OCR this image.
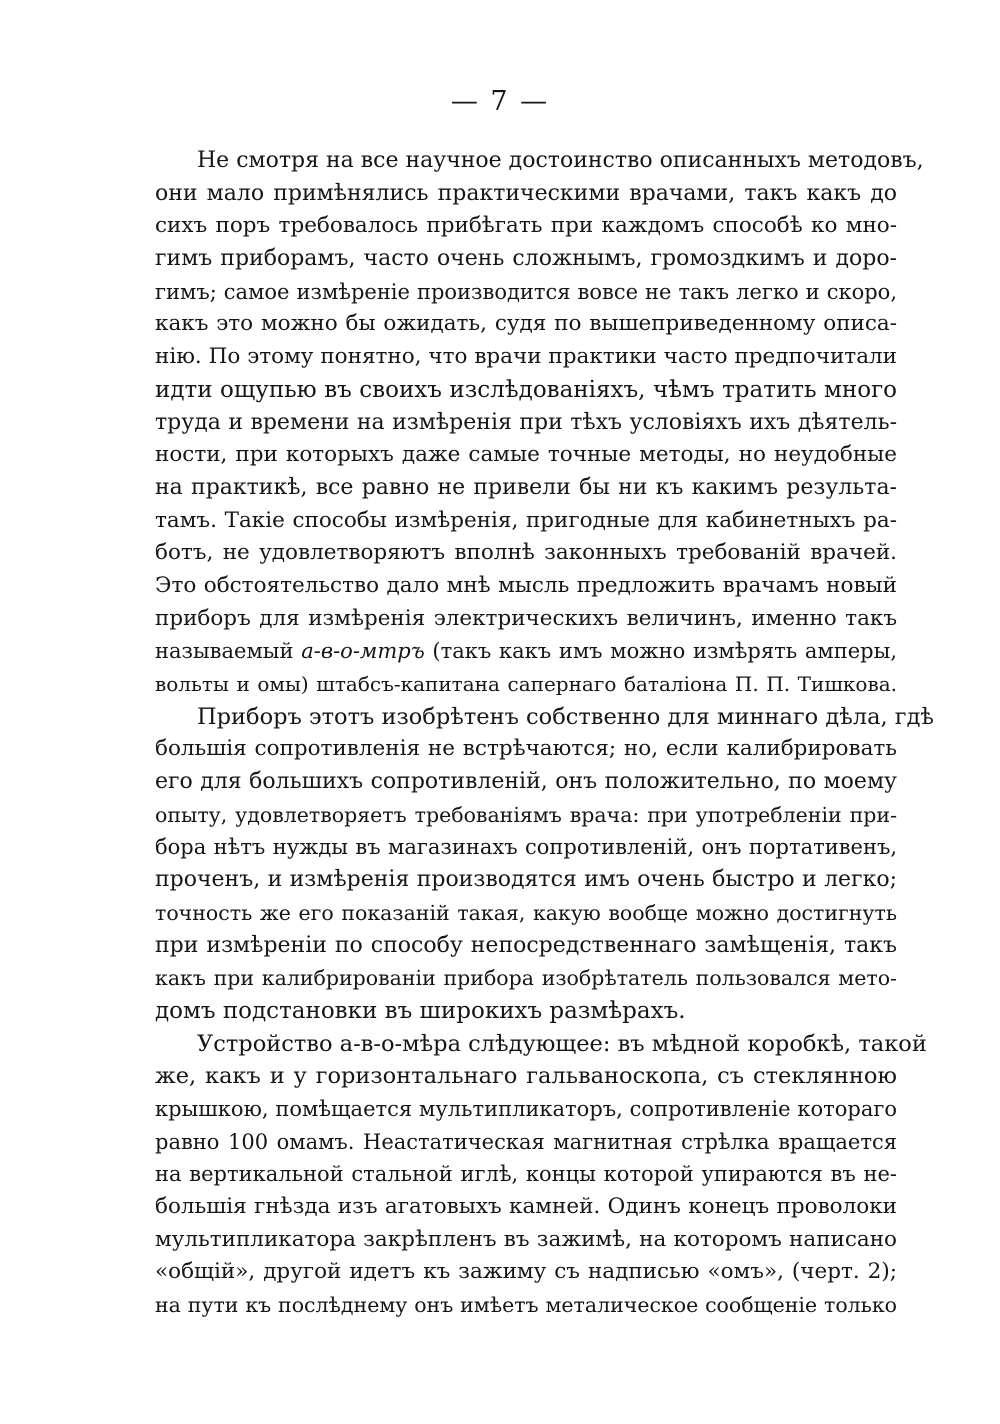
— 7 —
Не смотря на все научное достоинство описанныхъ методовъ,
они мало примѣнялись практическими врачами, такъ какъ до
сихъ поръ требовалось прибѣгать при каждомъ способѣ ко мно-
гимъ приборамъ, часто очень сложнымъ, громоздкимъ и доро-
гимъ; самое измѣреніе производится вовсе не такъ легко и скоро,
какъ это можно бы ожидать, судя по вышеприведенному описа-
нію. По этому понятно, что врачи практики часто предпочитали
идти ощупью въ своихъ изслѣдованіяхъ, чѣмъ тратить много
труда и времени на измѣренія при тѣхъ условіяхъ ихъ дѣятель-
ности, при которыхъ даже самые точные методы, но неудобные
на практикѣ, все равно не привели бы ни къ какимъ результа-
тамъ. Такіе способы измѣренія, пригодные для кабинетныхъ ра-
ботъ, не удовлетворяютъ вполнѣ законныхъ требованій врачей.
Это обстоятельство дало мнѣ мысль предложить врачамъ новый
приборъ для измѣренія электрическихъ величинъ, именно такъ
называемый а-в-о-мтръ (такъ какъ имъ можно измѣрять амперы,
вольты и омы) штабсъ-капитана сапернаго баталіона П. П. Тишкова.
Приборъ этотъ изобрѣтенъ собственно для миннаго дѣла, гдѣ
большія сопротивленія не встрѣчаются; но, если калибрировать
его для большихъ сопротивленій, онъ положительно, по моему
опыту, удовлетворяетъ требованіямъ врача: при употребленіи при-
бора нѣтъ нужды въ магазинахъ сопротивленій, онъ портативенъ,
проченъ, и измѣренія производятся имъ очень быстро и легко;
точность же его показаній такая, какую вообще можно достигнуть
при измѣреніи по способу непосредственнаго замѣщенія, такъ
какъ при калибрированіи прибора изобрѣтатель пользовался мето-
домъ подстановки въ широкихъ размѣрахъ.
Устройство а-в-о-мѣра слѣдующее: въ мѣдной коробкѣ, такой
же, какъ и у горизонтальнаго гальваноскопа, съ стеклянною
крышкою, помѣщается мультипликаторъ, сопротивленіе котораго
равно 100 омамъ. Неастатическая магнитная стрѣлка вращается
на вертикальной стальной иглѣ, концы которой упираются въ не-
большія гнѣзда изъ агатовыхъ камней. Одинъ конецъ проволоки
мультипликатора закрѣпленъ въ зажимѣ, на которомъ написано
«общій», другой идетъ къ зажиму съ надписью «омъ», (черт. 2);
на пути къ послѣднему онъ имѣетъ металическое сообщеніе только
